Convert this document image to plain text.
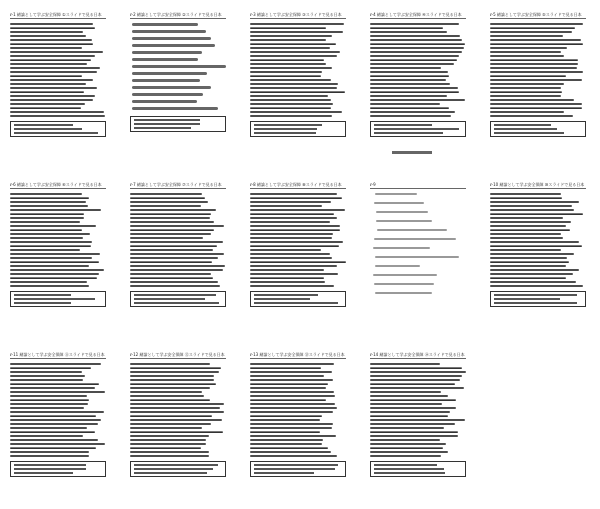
ℓ-1 緒論として学ぶ安全保障 ①スライドで見る日本	ℓ-2 緒論として学ぶ安全保障 ②スライドで見る日本	ℓ-3 緒論として学ぶ安全保障 ③スライドで見る日本	ℓ-4 緒論として学ぶ安全保障 ④スライドで見る日本	ℓ-5 緒論として学ぶ安全保障 ⑤スライドで見る日本
ℓ-6 緒論として学ぶ安全保障 ⑥スライドで見る日本	ℓ-7 緒論として学ぶ安全保障 ⑦スライドで見る日本	ℓ-8 緒論として学ぶ安全保障 ⑧スライドで見る日本	ℓ-9	ℓ-10 緒論として学ぶ安全保障 ⑩スライドで見る日本
ℓ-11 緒論として学ぶ安全保障 ⑪スライドで見る日本	ℓ-12 緒論として学ぶ安全保障 ⑫スライドで見る日本	ℓ-13 緒論として学ぶ安全保障 ⑬スライドで見る日本	ℓ-14 緒論として学ぶ安全保障 ⑭スライドで見る日本
